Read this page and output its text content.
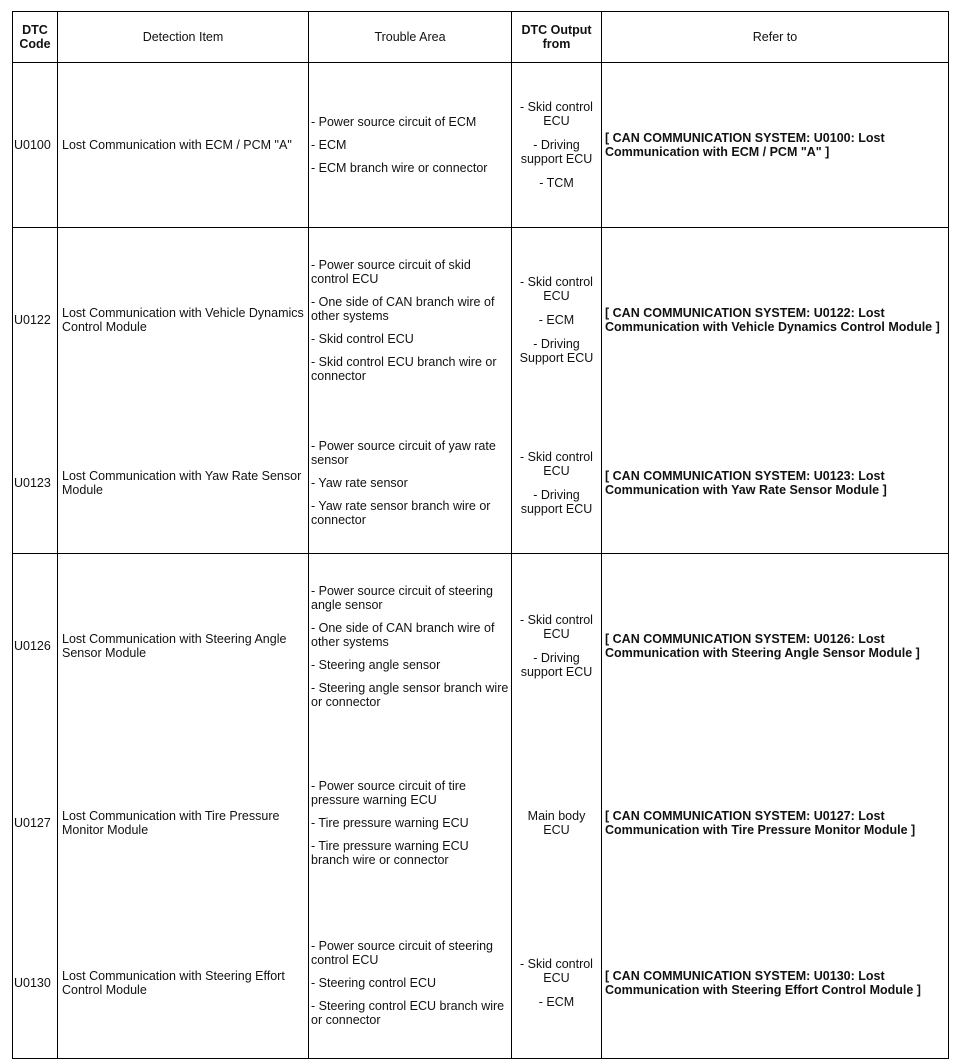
DTC Code	Detection Item	Trouble Area	DTC Output from	Refer to
U0100	Lost Communication with ECM / PCM "A"	- Power source circuit of ECM
- ECM
- ECM branch wire or connector	- Skid control ECU
- Driving support ECU
- TCM	[ CAN COMMUNICATION SYSTEM: U0100: Lost Communication with ECM / PCM "A" ]
U0122	Lost Communication with Vehicle Dynamics Control Module	- Power source circuit of skid control ECU
- One side of CAN branch wire of other systems
- Skid control ECU
- Skid control ECU branch wire or connector	- Skid control ECU
- ECM
- Driving Support ECU	[ CAN COMMUNICATION SYSTEM: U0122: Lost Communication with Vehicle Dynamics Control Module ]
U0123	Lost Communication with Yaw Rate Sensor Module	- Power source circuit of yaw rate sensor
- Yaw rate sensor
- Yaw rate sensor branch wire or connector	- Skid control ECU
- Driving support ECU	[ CAN COMMUNICATION SYSTEM: U0123: Lost Communication with Yaw Rate Sensor Module ]
U0126	Lost Communication with Steering Angle Sensor Module	- Power source circuit of steering angle sensor
- One side of CAN branch wire of other systems
- Steering angle sensor
- Steering angle sensor branch wire or connector	- Skid control ECU
- Driving support ECU	[ CAN COMMUNICATION SYSTEM: U0126: Lost Communication with Steering Angle Sensor Module ]
U0127	Lost Communication with Tire Pressure Monitor Module	- Power source circuit of tire pressure warning ECU
- Tire pressure warning ECU
- Tire pressure warning ECU branch wire or connector	Main body ECU	[ CAN COMMUNICATION SYSTEM: U0127: Lost Communication with Tire Pressure Monitor Module ]
U0130	Lost Communication with Steering Effort Control Module	- Power source circuit of steering control ECU
- Steering control ECU
- Steering control ECU branch wire or connector	- Skid control ECU
- ECM	[ CAN COMMUNICATION SYSTEM: U0130: Lost Communication with Steering Effort Control Module ]
